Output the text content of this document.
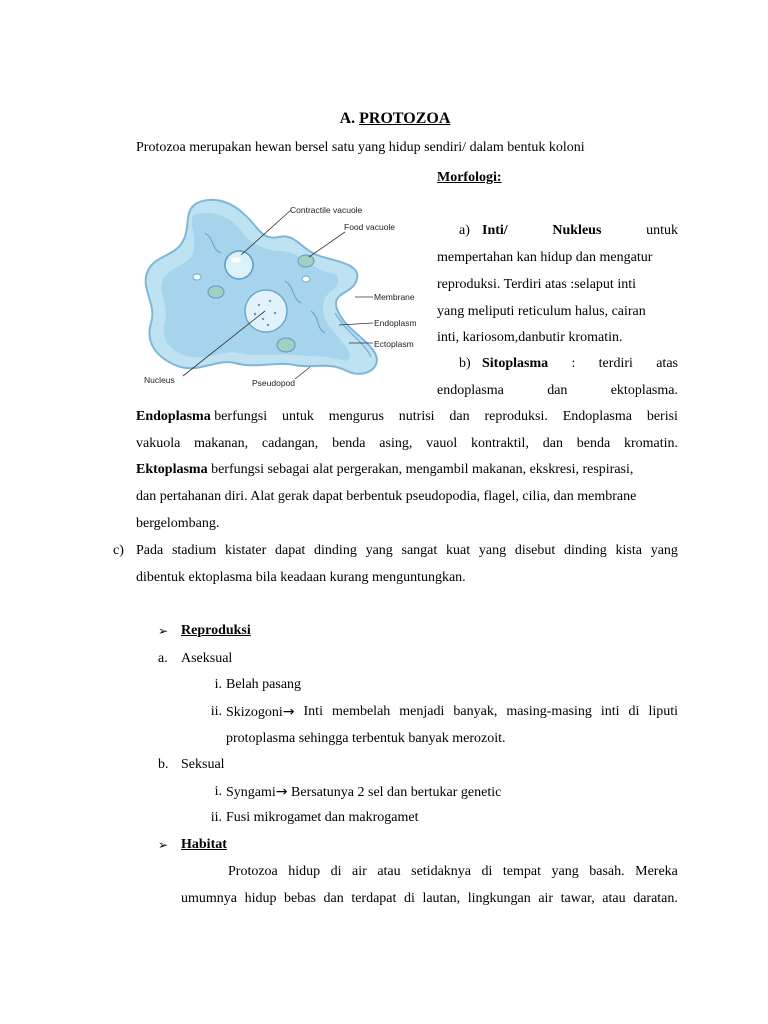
A. PROTOZOA
Protozoa merupakan hewan bersel satu yang hidup sendiri/ dalam bentuk koloni
Morfologi:
Contractile vacuole
Food vacuole
Membrane
Endoplasm
Ectoplasm
Nucleus	Pseudopod
a) Inti/	Nukleus	untuk
mempertahan kan hidup dan mengatur
reproduksi. Terdiri atas :selaput inti
yang meliputi reticulum halus, cairan
inti, kariosom,danbutir kromatin.
b) Sitoplasma : terdiri atas
endoplasma	dan	ektoplasma.
Endoplasma berfungsi untuk mengurus nutrisi dan reproduksi. Endoplasma berisi
vakuola makanan, cadangan, benda asing, vauol kontraktil, dan benda kromatin.
Ektoplasma berfungsi sebagai alat pergerakan, mengambil makanan, ekskresi, respirasi,
dan pertahanan diri. Alat gerak dapat berbentuk pseudopodia, flagel, cilia, dan membrane
bergelombang.
c) Pada stadium kistater dapat dinding yang sangat kuat yang disebut dinding kista yang
dibentuk ektoplasma bila keadaan kurang menguntungkan.
➢ Reproduksi
a. Aseksual
i. Belah pasang
ii. Skizogoni→ Inti membelah menjadi banyak, masing-masing inti di liputi
protoplasma sehingga terbentuk banyak merozoit.
b. Seksual
i. Syngami→ Bersatunya 2 sel dan bertukar genetic
ii. Fusi mikrogamet dan makrogamet
➢ Habitat
Protozoa hidup di air atau setidaknya di tempat yang basah. Mereka
umumnya hidup bebas dan terdapat di lautan, lingkungan air tawar, atau daratan.
